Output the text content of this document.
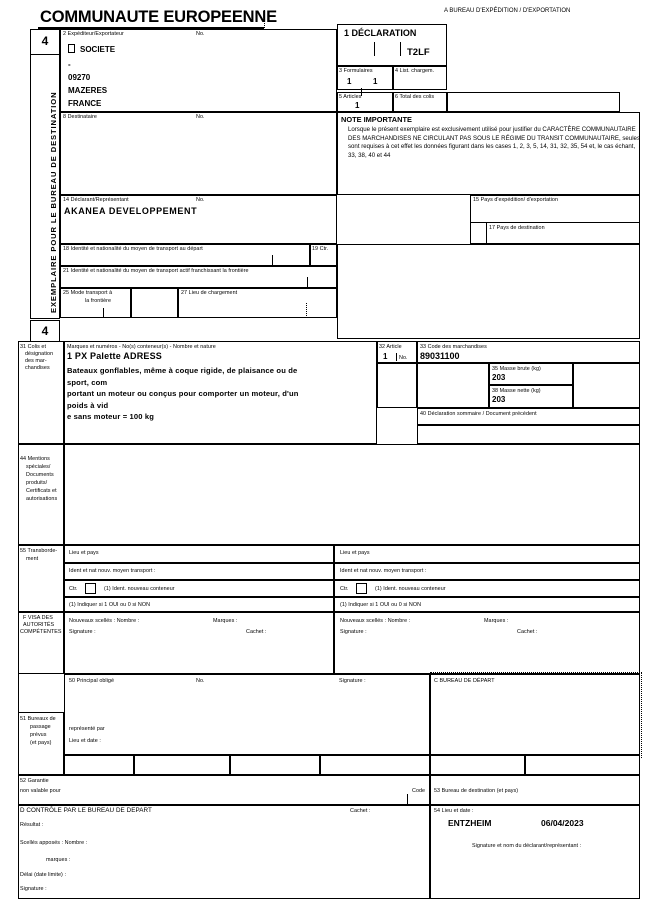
COMMUNAUTE EUROPEENNE	A BUREAU D'EXPÉDITION / D'EXPORTATION
4
EXEMPLAIRE POUR LE BUREAU DE DESTINATION
4
2 Expéditeur/Exportateur	No.
SOCIETE
-
09270
MAZERES
FRANCE
1 DÉCLARATION
T2LF
3 Formulaires
1	1
4 List. chargem.
5 Articles
1
6 Total des colis
8 Destinataire	No.	NOTE IMPORTANTE
Lorsque le présent exemplaire est exclusivement utilisé pour justifier du CARACTÈRE COMMUNAUTAIRE DES MARCHANDISES NE CIRCULANT PAS SOUS LE RÉGIME DU TRANSIT COMMUNAUTAIRE, seules sont requises à cet effet les données figurant dans les cases 1, 2, 3, 5, 14, 31, 32, 35, 54 et, le cas échant, 33, 38, 40 et 44
14 Déclarant/Représentant	No.
AKANEA DEVELOPPEMENT
15 Pays d'expédition/ d'exportation
17 Pays de destination
18 Identité et nationalité du moyen de transport au départ	19 Ctr.
21 Identité et nationalité du moyen de transport actif franchissant la frontière
25 Mode transport à
la frontière
27 Lieu de chargement
31 Colis et
désignation
des mar-
chandises
Marques et numéros - No(s) conteneur(s) - Nombre et nature
1 PX Palette ADRESS
Bateaux gonflables, même à coque rigide, de plaisance ou de
sport, com
portant un moteur ou conçus pour comporter un moteur, d'un
poids à vid
e sans moteur = 100 kg
32 Article
1 No.
33 Code des marchandises
89031100
35 Masse brute (kg)
203
38 Masse nette (kg)
203
40 Déclaration sommaire / Document précédent
44 Mentions
spéciales/
Documents
produits/
Certificats et
autorisations
55 Transborde-
ment
Lieu et pays
Ident et nat nouv. moyen transport :
Ctr.	(1) Ident. nouveau conteneur
(1) Indiquer si 1 OUI ou 0 si NON
Lieu et pays
Ident et nat nouv. moyen transport :
Ctr.	(1) Ident. nouveau conteneur
(1) Indiquer si 1 OUI ou 0 si NON
F VISA DES
AUTORITÉS
COMPÉTENTES
Nouveaux scellés : Nombre :	Marques :
Signature :	Cachet :
Nouveaux scellés : Nombre :	Marques :
Signature :	Cachet :
50 Principal obligé	No.	Signature :
représenté par
Lieu et date :
C BUREAU DE DÉPART
51 Bureaux de
passage
prévus
(et pays)
52 Garantie
non valable pour	Code 53 Bureau de destination (et pays)
D CONTRÔLE PAR LE BUREAU DE DEPART	Cachet :
Résultat :
Scellés apposés : Nombre :
marques :
Délai (date limite) :
Signature :
54 Lieu et date :
ENTZHEIM	06/04/2023
Signature et nom du déclarant/représentant :
